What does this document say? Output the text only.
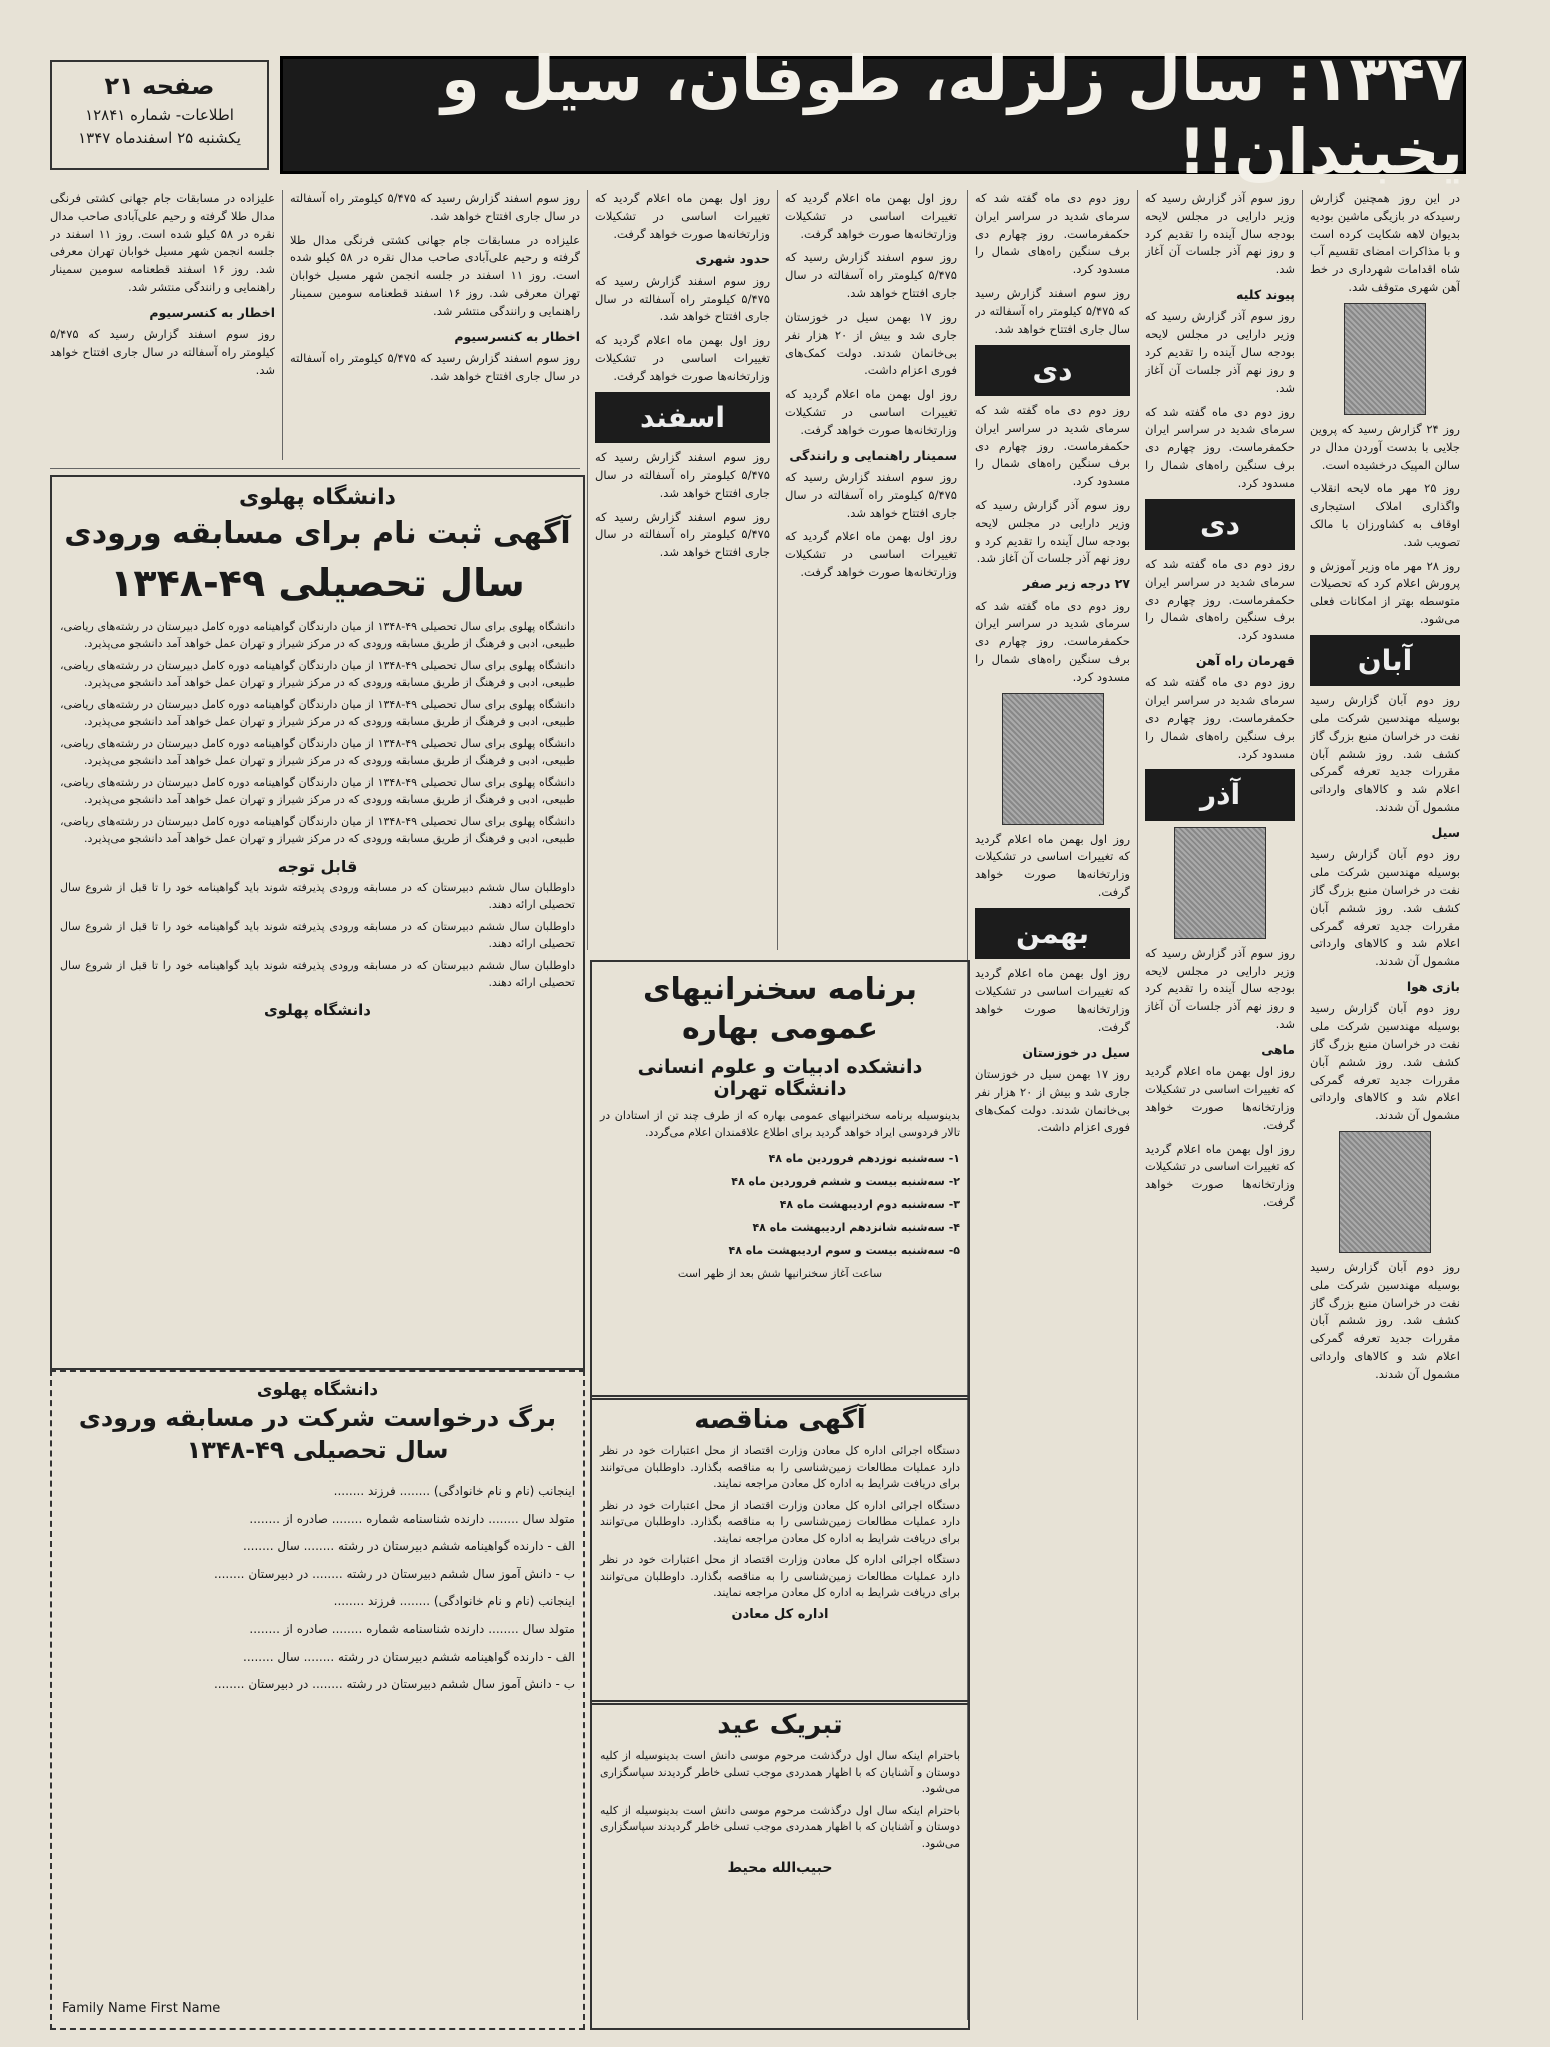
۱۳۴۷: سال زلزله، طوفان، سیل و یخبندان!!
صفحه ۲۱
اطلاعات- شماره ۱۲۸۴۱
یکشنبه ۲۵ اسفند‌ماه ۱۳۴۷

در این روز همچنین گزارش رسیدکه در بازیگی ماشین بودیه بدیوان لاهه شکایت کرده است و با مذاکرات امضای تقسیم آب شاه اقدامات شهرداری در خط آهن شهری متوقف شد.

روز ۲۴ گزارش رسید که پروین جلایی با بدست آوردن مدال در سالن المپیک درخشیده است.

روز ۲۵ مهر ماه لایحه انقلاب واگذاری املاک استیجاری اوقاف به کشاورزان با مالک تصویب شد.

روز ۲۸ مهر ماه وزیر آموزش و پرورش اعلام کرد که تحصیلات متوسطه بهتر از امکانات فعلی می‌شود.

آبان

روز دوم آبان گزارش رسید بوسیله مهندسین شرکت ملی نفت در خراسان منبع بزرگ گاز کشف شد. روز ششم آبان مقررات جدید تعرفه گمرکی اعلام شد و کالاهای وارداتی مشمول آن شدند.

سیل

روز دوم آبان گزارش رسید بوسیله مهندسین شرکت ملی نفت در خراسان منبع بزرگ گاز کشف شد. روز ششم آبان مقررات جدید تعرفه گمرکی اعلام شد و کالاهای وارداتی مشمول آن شدند.

بازی هوا

روز دوم آبان گزارش رسید بوسیله مهندسین شرکت ملی نفت در خراسان منبع بزرگ گاز کشف شد. روز ششم آبان مقررات جدید تعرفه گمرکی اعلام شد و کالاهای وارداتی مشمول آن شدند.

روز دوم آبان گزارش رسید بوسیله مهندسین شرکت ملی نفت در خراسان منبع بزرگ گاز کشف شد. روز ششم آبان مقررات جدید تعرفه گمرکی اعلام شد و کالاهای وارداتی مشمول آن شدند.

روز سوم آذر گزارش رسید که وزیر دارایی در مجلس لایحه بودجه سال آینده را تقدیم کرد و روز نهم آذر جلسات آن آغاز شد.

پیوند کلیه

روز سوم آذر گزارش رسید که وزیر دارایی در مجلس لایحه بودجه سال آینده را تقدیم کرد و روز نهم آذر جلسات آن آغاز شد.

روز دوم دی ماه گفته شد که سرمای شدید در سراسر ایران حکمفرماست. روز چهارم دی برف سنگین راه‌های شمال را مسدود کرد.

دی

روز دوم دی ماه گفته شد که سرمای شدید در سراسر ایران حکمفرماست. روز چهارم دی برف سنگین راه‌های شمال را مسدود کرد.

قهرمان راه آهن

روز دوم دی ماه گفته شد که سرمای شدید در سراسر ایران حکمفرماست. روز چهارم دی برف سنگین راه‌های شمال را مسدود کرد.

آذر

روز سوم آذر گزارش رسید که وزیر دارایی در مجلس لایحه بودجه سال آینده را تقدیم کرد و روز نهم آذر جلسات آن آغاز شد.

ماهی

روز اول بهمن ماه اعلام گردید که تغییرات اساسی در تشکیلات وزارتخانه‌ها صورت خواهد گرفت.

روز اول بهمن ماه اعلام گردید که تغییرات اساسی در تشکیلات وزارتخانه‌ها صورت خواهد گرفت.

روز دوم دی ماه گفته شد که سرمای شدید در سراسر ایران حکمفرماست. روز چهارم دی برف سنگین راه‌های شمال را مسدود کرد.

روز سوم اسفند گزارش رسید که ۵/۴۷۵ کیلومتر راه آسفالته در سال جاری افتتاح خواهد شد.

دی

روز دوم دی ماه گفته شد که سرمای شدید در سراسر ایران حکمفرماست. روز چهارم دی برف سنگین راه‌های شمال را مسدود کرد.

روز سوم آذر گزارش رسید که وزیر دارایی در مجلس لایحه بودجه سال آینده را تقدیم کرد و روز نهم آذر جلسات آن آغاز شد.

۲۷ درجه زیر صفر

روز دوم دی ماه گفته شد که سرمای شدید در سراسر ایران حکمفرماست. روز چهارم دی برف سنگین راه‌های شمال را مسدود کرد.

روز اول بهمن ماه اعلام گردید که تغییرات اساسی در تشکیلات وزارتخانه‌ها صورت خواهد گرفت.

بهمن

روز اول بهمن ماه اعلام گردید که تغییرات اساسی در تشکیلات وزارتخانه‌ها صورت خواهد گرفت.

سیل در خوزستان

روز ۱۷ بهمن سیل در خوزستان جاری شد و بیش از ۲۰ هزار نفر بی‌خانمان شدند. دولت کمک‌های فوری اعزام داشت.

روز اول بهمن ماه اعلام گردید که تغییرات اساسی در تشکیلات وزارتخانه‌ها صورت خواهد گرفت.

روز سوم اسفند گزارش رسید که ۵/۴۷۵ کیلومتر راه آسفالته در سال جاری افتتاح خواهد شد.

روز ۱۷ بهمن سیل در خوزستان جاری شد و بیش از ۲۰ هزار نفر بی‌خانمان شدند. دولت کمک‌های فوری اعزام داشت.

روز اول بهمن ماه اعلام گردید که تغییرات اساسی در تشکیلات وزارتخانه‌ها صورت خواهد گرفت.

سمینار راهنمایی و رانندگی

روز سوم اسفند گزارش رسید که ۵/۴۷۵ کیلومتر راه آسفالته در سال جاری افتتاح خواهد شد.

روز اول بهمن ماه اعلام گردید که تغییرات اساسی در تشکیلات وزارتخانه‌ها صورت خواهد گرفت.

روز اول بهمن ماه اعلام گردید که تغییرات اساسی در تشکیلات وزارتخانه‌ها صورت خواهد گرفت.

حدود شهری

روز سوم اسفند گزارش رسید که ۵/۴۷۵ کیلومتر راه آسفالته در سال جاری افتتاح خواهد شد.

روز اول بهمن ماه اعلام گردید که تغییرات اساسی در تشکیلات وزارتخانه‌ها صورت خواهد گرفت.

اسفند

روز سوم اسفند گزارش رسید که ۵/۴۷۵ کیلومتر راه آسفالته در سال جاری افتتاح خواهد شد.

روز سوم اسفند گزارش رسید که ۵/۴۷۵ کیلومتر راه آسفالته در سال جاری افتتاح خواهد شد.

روز سوم اسفند گزارش رسید که ۵/۴۷۵ کیلومتر راه آسفالته در سال جاری افتتاح خواهد شد.

علیزاده در مسابقات جام جهانی کشتی فرنگی مدال طلا گرفته و رحیم علی‌آبادی صاحب مدال نقره در ۵۸ کیلو شده است. روز ۱۱ اسفند در جلسه انجمن شهر مسیل خوابان تهران معرفی شد. روز ۱۶ اسفند قطعنامه سومین سمینار راهنمایی و رانندگی منتشر شد.

اخطار به کنسرسیوم

روز سوم اسفند گزارش رسید که ۵/۴۷۵ کیلومتر راه آسفالته در سال جاری افتتاح خواهد شد.

علیزاده در مسابقات جام جهانی کشتی فرنگی مدال طلا گرفته و رحیم علی‌آبادی صاحب مدال نقره در ۵۸ کیلو شده است. روز ۱۱ اسفند در جلسه انجمن شهر مسیل خوابان تهران معرفی شد. روز ۱۶ اسفند قطعنامه سومین سمینار راهنمایی و رانندگی منتشر شد.

اخطار به کنسرسیوم

روز سوم اسفند گزارش رسید که ۵/۴۷۵ کیلومتر راه آسفالته در سال جاری افتتاح خواهد شد.

دانشگاه پهلوی
آگهی ثبت نام برای مسابقه ورودی
سال تحصیلی ۴۹-۱۳۴۸

دانشگاه پهلوی برای سال تحصیلی ۴۹-۱۳۴۸ از میان دارندگان گواهینامه دوره کامل دبیرستان در رشته‌های ریاضی، طبیعی، ادبی و فرهنگ از طریق مسابقه ورودی که در مرکز شیراز و تهران عمل خواهد آمد دانشجو می‌پذیرد.

دانشگاه پهلوی برای سال تحصیلی ۴۹-۱۳۴۸ از میان دارندگان گواهینامه دوره کامل دبیرستان در رشته‌های ریاضی، طبیعی، ادبی و فرهنگ از طریق مسابقه ورودی که در مرکز شیراز و تهران عمل خواهد آمد دانشجو می‌پذیرد.

دانشگاه پهلوی برای سال تحصیلی ۴۹-۱۳۴۸ از میان دارندگان گواهینامه دوره کامل دبیرستان در رشته‌های ریاضی، طبیعی، ادبی و فرهنگ از طریق مسابقه ورودی که در مرکز شیراز و تهران عمل خواهد آمد دانشجو می‌پذیرد.

دانشگاه پهلوی برای سال تحصیلی ۴۹-۱۳۴۸ از میان دارندگان گواهینامه دوره کامل دبیرستان در رشته‌های ریاضی، طبیعی، ادبی و فرهنگ از طریق مسابقه ورودی که در مرکز شیراز و تهران عمل خواهد آمد دانشجو می‌پذیرد.

دانشگاه پهلوی برای سال تحصیلی ۴۹-۱۳۴۸ از میان دارندگان گواهینامه دوره کامل دبیرستان در رشته‌های ریاضی، طبیعی، ادبی و فرهنگ از طریق مسابقه ورودی که در مرکز شیراز و تهران عمل خواهد آمد دانشجو می‌پذیرد.

دانشگاه پهلوی برای سال تحصیلی ۴۹-۱۳۴۸ از میان دارندگان گواهینامه دوره کامل دبیرستان در رشته‌های ریاضی، طبیعی، ادبی و فرهنگ از طریق مسابقه ورودی که در مرکز شیراز و تهران عمل خواهد آمد دانشجو می‌پذیرد.

قابل توجه

داوطلبان سال ششم دبیرستان که در مسابقه ورودی پذیرفته شوند باید گواهینامه خود را تا قبل از شروع سال تحصیلی ارائه دهند.

داوطلبان سال ششم دبیرستان که در مسابقه ورودی پذیرفته شوند باید گواهینامه خود را تا قبل از شروع سال تحصیلی ارائه دهند.

داوطلبان سال ششم دبیرستان که در مسابقه ورودی پذیرفته شوند باید گواهینامه خود را تا قبل از شروع سال تحصیلی ارائه دهند.

دانشگاه پهلوی
دانشگاه پهلوی
برگ درخواست شرکت در مسابقه ورودی
سال تحصیلی ۴۹-۱۳۴۸
اینجانب (نام و نام خانوادگی) ........ فرزند ........
متولد سال ........ دارنده شناسنامه شماره ........ صادره از ........
الف - دارنده گواهینامه ششم دبیرستان در رشته ........ سال ........
ب - دانش آموز سال ششم دبیرستان در رشته ........ در دبیرستان ........
اینجانب (نام و نام خانوادگی) ........ فرزند ........
متولد سال ........ دارنده شناسنامه شماره ........ صادره از ........
الف - دارنده گواهینامه ششم دبیرستان در رشته ........ سال ........
ب - دانش آموز سال ششم دبیرستان در رشته ........ در دبیرستان ........
Family Name First Name
برنامه سخنرانیهای عمومی بهاره
دانشکده ادبیات و علوم انسانی دانشگاه تهران
بدینوسیله برنامه سخنرانیهای عمومی بهاره که از طرف چند تن از استادان در تالار فردوسی ایراد خواهد گردید برای اطلاع علاقمندان اعلام می‌گردد.
۱- سه‌شنبه نوزدهم فروردین ماه ۴۸
۲- سه‌شنبه بیست و ششم فروردین ماه ۴۸
۳- سه‌شنبه دوم اردیبهشت ماه ۴۸
۴- سه‌شنبه شانزدهم اردیبهشت ماه ۴۸
۵- سه‌شنبه بیست و سوم اردیبهشت ماه ۴۸
ساعت آغاز سخنرانیها شش بعد از ظهر است
آگهی مناقصه

دستگاه اجرائی اداره کل معادن وزارت اقتصاد از محل اعتبارات خود در نظر دارد عملیات مطالعات زمین‌شناسی را به مناقصه بگذارد. داوطلبان می‌توانند برای دریافت شرایط به اداره کل معادن مراجعه نمایند.

دستگاه اجرائی اداره کل معادن وزارت اقتصاد از محل اعتبارات خود در نظر دارد عملیات مطالعات زمین‌شناسی را به مناقصه بگذارد. داوطلبان می‌توانند برای دریافت شرایط به اداره کل معادن مراجعه نمایند.

دستگاه اجرائی اداره کل معادن وزارت اقتصاد از محل اعتبارات خود در نظر دارد عملیات مطالعات زمین‌شناسی را به مناقصه بگذارد. داوطلبان می‌توانند برای دریافت شرایط به اداره کل معادن مراجعه نمایند.

اداره کل معادن
تبریک عید

باحترام اینکه سال اول درگذشت مرحوم موسی دانش است بدینوسیله از کلیه دوستان و آشنایان که با اظهار همدردی موجب تسلی خاطر گردیدند سپاسگزاری می‌شود.

باحترام اینکه سال اول درگذشت مرحوم موسی دانش است بدینوسیله از کلیه دوستان و آشنایان که با اظهار همدردی موجب تسلی خاطر گردیدند سپاسگزاری می‌شود.

حبیب‌الله محیط
